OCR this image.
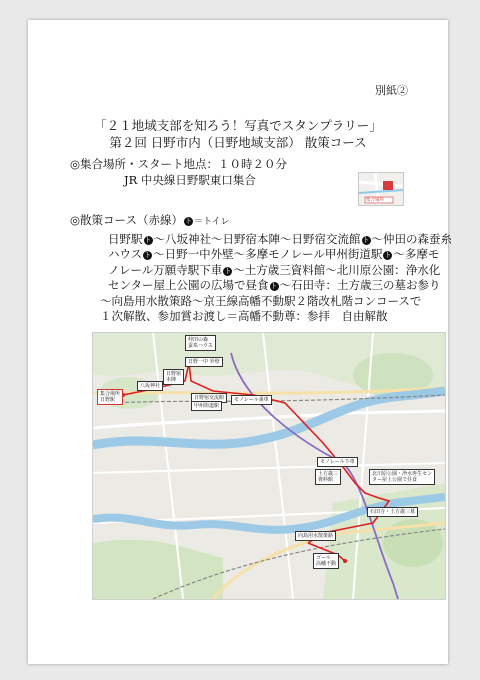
別紙②
「２１地域支部を知ろう！写真でスタンプラリー」
第２回 日野市内（日野地域支部） 散策コース
◎集合場所・スタート地点：１０時２０分
JR 中央線日野駅東口集合
集合場所
◎散策コース（赤線） ト ＝トイレ
日野駅 ト 〜八坂神社〜日野宿本陣〜日野宿交流館 ト 〜仲田の森蚕糸
ハウス ト 〜日野一中外壁〜多摩モノレール甲州街道駅 ト 〜多摩モ
ノレール万願寺駅下車 ト 〜土方歳三資料館〜北川原公園：浄水化
センター屋上公園の広場で昼食 ト 〜石田寺：土方歳三の墓お参り
〜向島用水散策路〜京王線高幡不動駅２階改札階コンコースで
１次解散、参加賞お渡し＝高幡不動尊：参拝　自由解散
仲田の森
蚕糸ハウス
日野一中 外壁
日野宿
本陣
八坂神社
集合場所
日野駅	日野宿交流館
甲州街道駅
モノレール乗車
モノレール下車
土方歳三
資料館
北川原公園・浄水再生セン
ター屋上公園で昼食
石田寺・土方歳三墓
向島用水散策路
ゴール
高幡不動
